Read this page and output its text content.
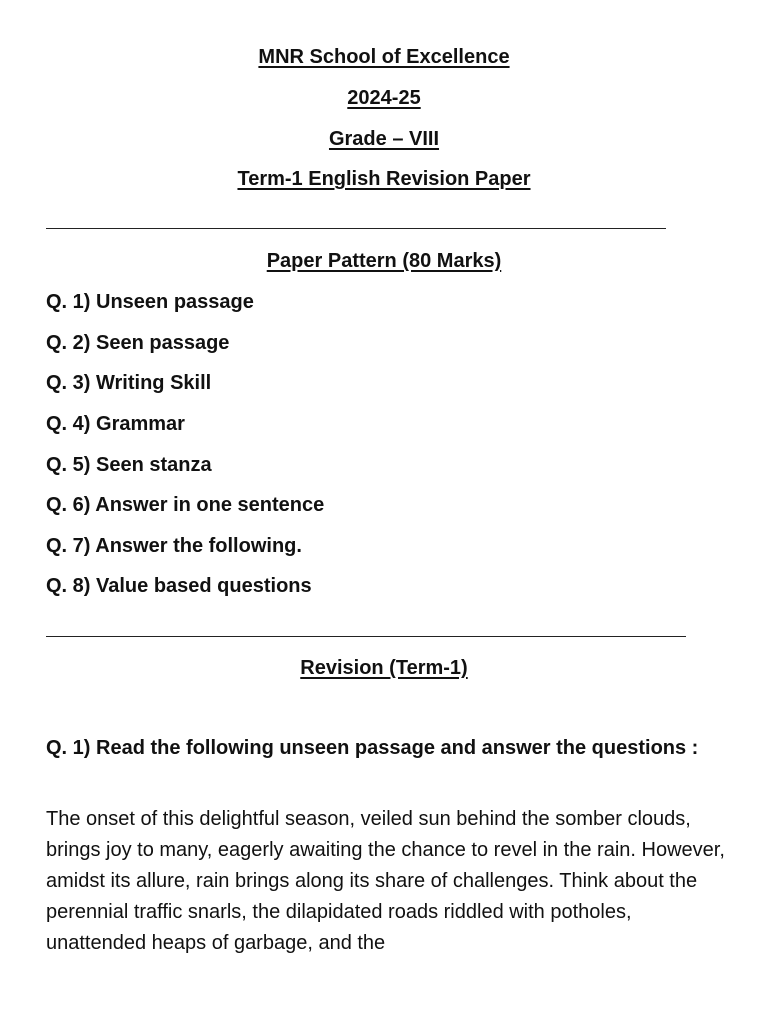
MNR School of Excellence
2024-25
Grade – VIII
Term-1 English Revision Paper
Paper Pattern (80 Marks)
Q. 1) Unseen passage
Q. 2) Seen passage
Q. 3) Writing Skill
Q. 4) Grammar
Q. 5) Seen stanza
Q. 6) Answer in one sentence
Q. 7) Answer the following.
Q. 8) Value based questions
Revision (Term-1)
Q. 1) Read the following unseen passage and answer the questions :
The onset of this delightful season, veiled sun behind the somber clouds, brings joy to many, eagerly awaiting the chance to revel in the rain. However, amidst its allure, rain brings along its share of challenges. Think about the perennial traffic snarls, the dilapidated roads riddled with potholes, unattended heaps of garbage, and the
